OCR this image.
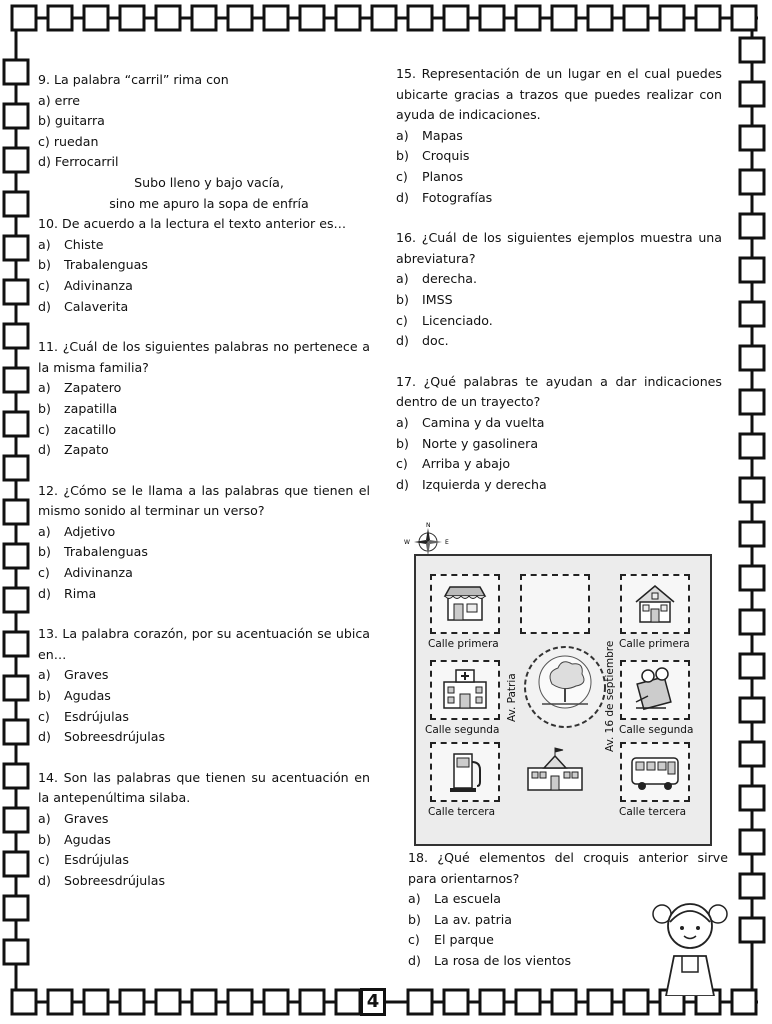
9. La palabra “carril” rima con
a) erre
b) guitarra
c) ruedan
d) Ferrocarril
Subo lleno y bajo vacía,
sino me apuro la sopa de enfría
10. De acuerdo a la lectura el texto anterior es…
a)	Chiste
b)	Trabalenguas
c)	Adivinanza
d)	Calaverita
11. ¿Cuál de los siguientes palabras no pertenece a la misma familia?
a)	Zapatero
b)	zapatilla
c)	zacatillo
d)	Zapato
12. ¿Cómo se le llama a las palabras que tienen el mismo sonido al terminar un verso?
a)	Adjetivo
b)	Trabalenguas
c)	Adivinanza
d)	Rima
13. La palabra corazón, por su acentuación se ubica en…
a)	Graves
b)	Agudas
c)	Esdrújulas
d)	Sobreesdrújulas
14. Son las palabras que tienen su acentuación en la antepenúltima silaba.
a)	Graves
b)	Agudas
c)	Esdrújulas
d)	Sobreesdrújulas
15. Representación de un lugar en el cual puedes ubicarte gracias a trazos que puedes realizar con ayuda de indicaciones.
a)	Mapas
b)	Croquis
c)	Planos
d)	Fotografías
16. ¿Cuál de los siguientes ejemplos muestra una abreviatura?
a)	derecha.
b)	IMSS
c)	Licenciado.
d)	doc.
17. ¿Qué palabras te ayudan a dar indicaciones dentro de un trayecto?
a)	Camina y da vuelta
b)	Norte y gasolinera
c)	Arriba y abajo
d)	Izquierda y derecha
N
E
W
Calle primera	Calle primera
Av. Patria	Av. 16 de septiembre
Calle segunda	Calle segunda
Calle tercera	Calle tercera
18. ¿Qué elementos del croquis anterior sirve para orientarnos?
a)	La escuela
b)	La av. patria
c)	El parque
d)	La rosa de los vientos
4
